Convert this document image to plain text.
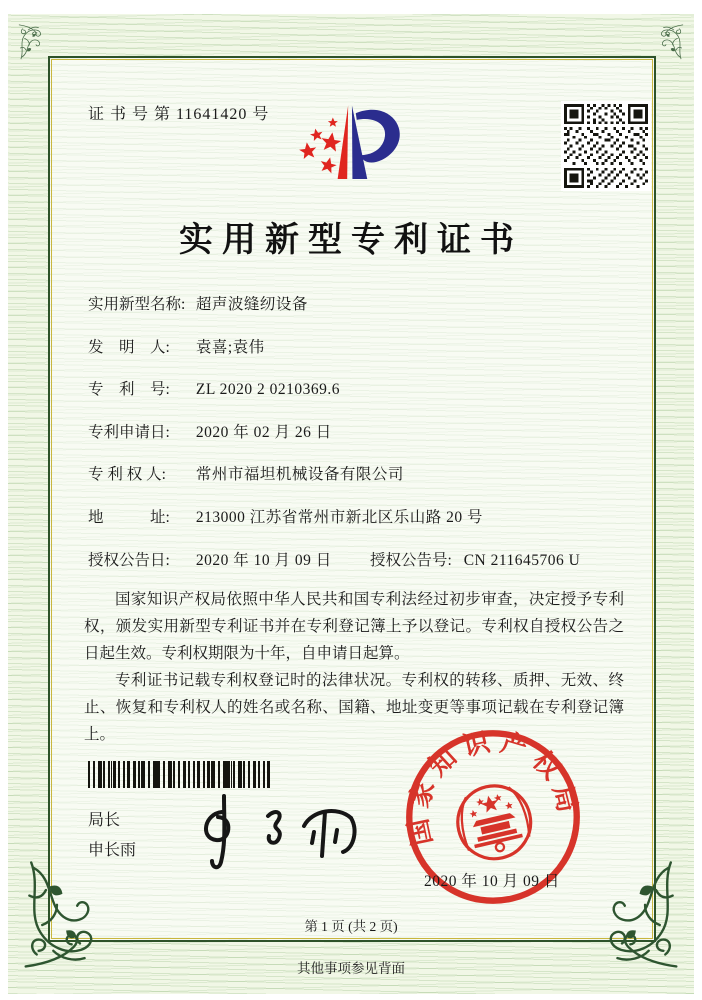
证 书 号 第 11641420 号
实用新型专利证书
实用新型名称: 超声波缝纫设备
发　明　人: 袁喜;袁伟
专　利　号: ZL 2020 2 0210369.6
专利申请日: 2020 年 02 月 26 日
专 利 权 人: 常州市福坦机械设备有限公司
地　　　址: 213000 江苏省常州市新北区乐山路 20 号
授权公告日: 2020 年 10 月 09 日 授权公告号: CN 211645706 U

国家知识产权局依照中华人民共和国专利法经过初步审查，决定授予专利权，颁发实用新型专利证书并在专利登记簿上予以登记。专利权自授权公告之日起生效。专利权期限为十年，自申请日起算。

专利证书记载专利权登记时的法律状况。专利权的转移、质押、无效、终止、恢复和专利权人的姓名或名称、国籍、地址变更等事项记载在专利登记簿上。

局长
申长雨
国家知识产权局
2020 年 10 月 09 日
第 1 页 (共 2 页)
其他事项参见背面
